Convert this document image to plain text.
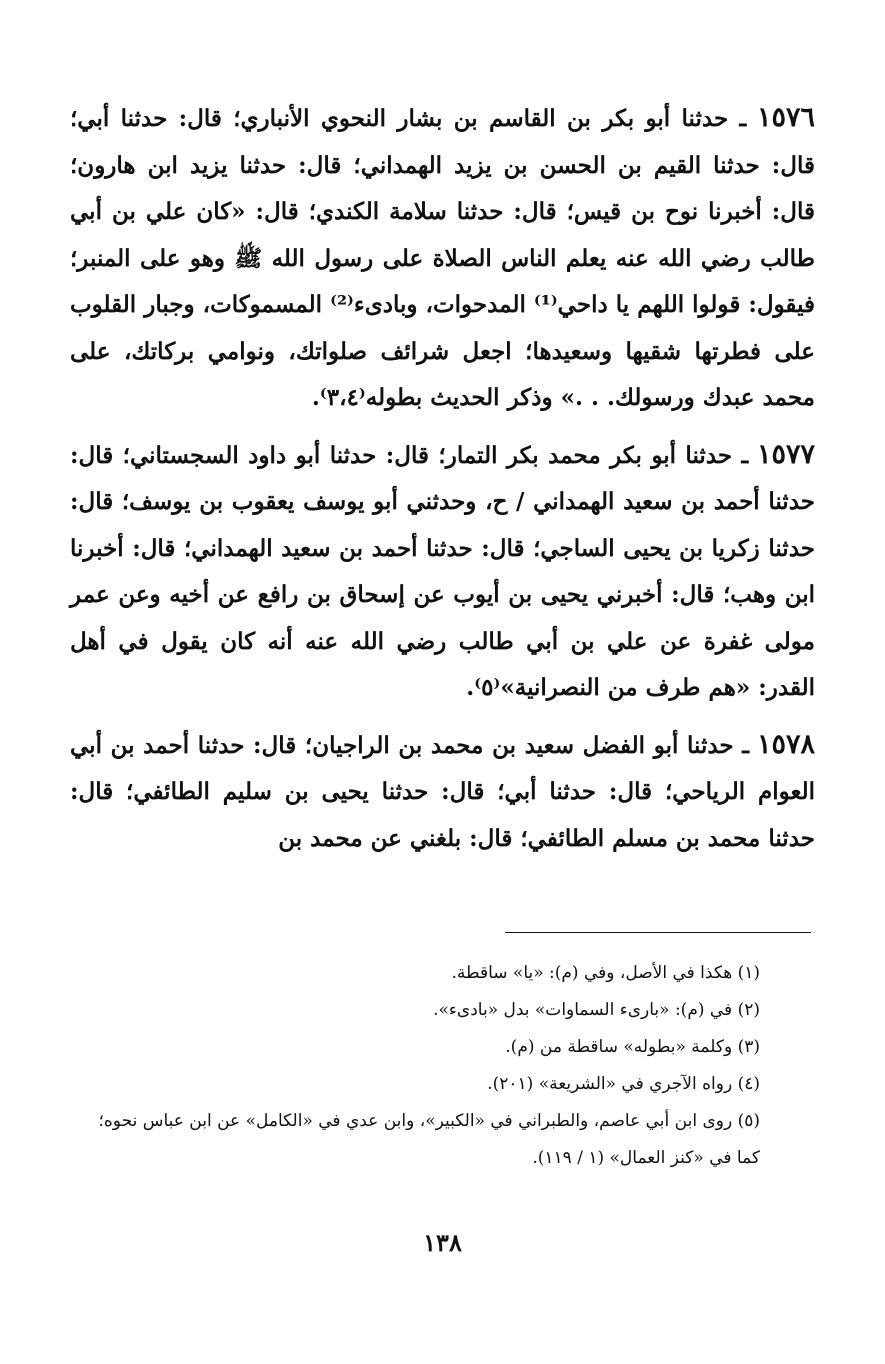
١٥٧٦ ـ حدثنا أبو بكر بن القاسم بن بشار النحوي الأنباري؛ قال: حدثنا أبي؛ قال: حدثنا القيم بن الحسن بن يزيد الهمداني؛ قال: حدثنا يزيد ابن هارون؛ قال: أخبرنا نوح بن قيس؛ قال: حدثنا سلامة الكندي؛ قال: «كان علي بن أبي طالب رضي الله عنه يعلم الناس الصلاة على رسول الله ﷺ وهو على المنبر؛ فيقول: قولوا اللهم يا داحي⁽¹⁾ المدحوات، وبادىء⁽²⁾ المسموكات، وجبار القلوب على فطرتها شقيها وسعيدها؛ اجعل شرائف صلواتك، ونوامي بركاتك، على محمد عبدك ورسولك. . .» وذكر الحديث بطوله⁽٣،٤⁾.

١٥٧٧ ـ حدثنا أبو بكر محمد بكر التمار؛ قال: حدثنا أبو داود السجستاني؛ قال: حدثنا أحمد بن سعيد الهمداني / ح، وحدثني أبو يوسف يعقوب بن يوسف؛ قال: حدثنا زكريا بن يحيى الساجي؛ قال: حدثنا أحمد بن سعيد الهمداني؛ قال: أخبرنا ابن وهب؛ قال: أخبرني يحيى بن أيوب عن إسحاق بن رافع عن أخيه وعن عمر مولى غفرة عن علي بن أبي طالب رضي الله عنه أنه كان يقول في أهل القدر: «هم طرف من النصرانية»⁽٥⁾.

١٥٧٨ ـ حدثنا أبو الفضل سعيد بن محمد بن الراجيان؛ قال: حدثنا أحمد بن أبي العوام الرياحي؛ قال: حدثنا أبي؛ قال: حدثنا يحيى بن سليم الطائفي؛ قال: حدثنا محمد بن مسلم الطائفي؛ قال: بلغني عن محمد بن

(١) هكذا في الأصل، وفي (م): «يا» ساقطة.

(٢) في (م): «بارىء السماوات» بدل «بادىء».

(٣) وكلمة «بطوله» ساقطة من (م).

(٤) رواه الآجري في «الشريعة» (٢٠١).

(٥) روى ابن أبي عاصم، والطبراني في «الكبير»، وابن عدي في «الكامل» عن ابن عباس نحوه؛ كما في «كنز العمال» (١ / ١١٩).

١٣٨
